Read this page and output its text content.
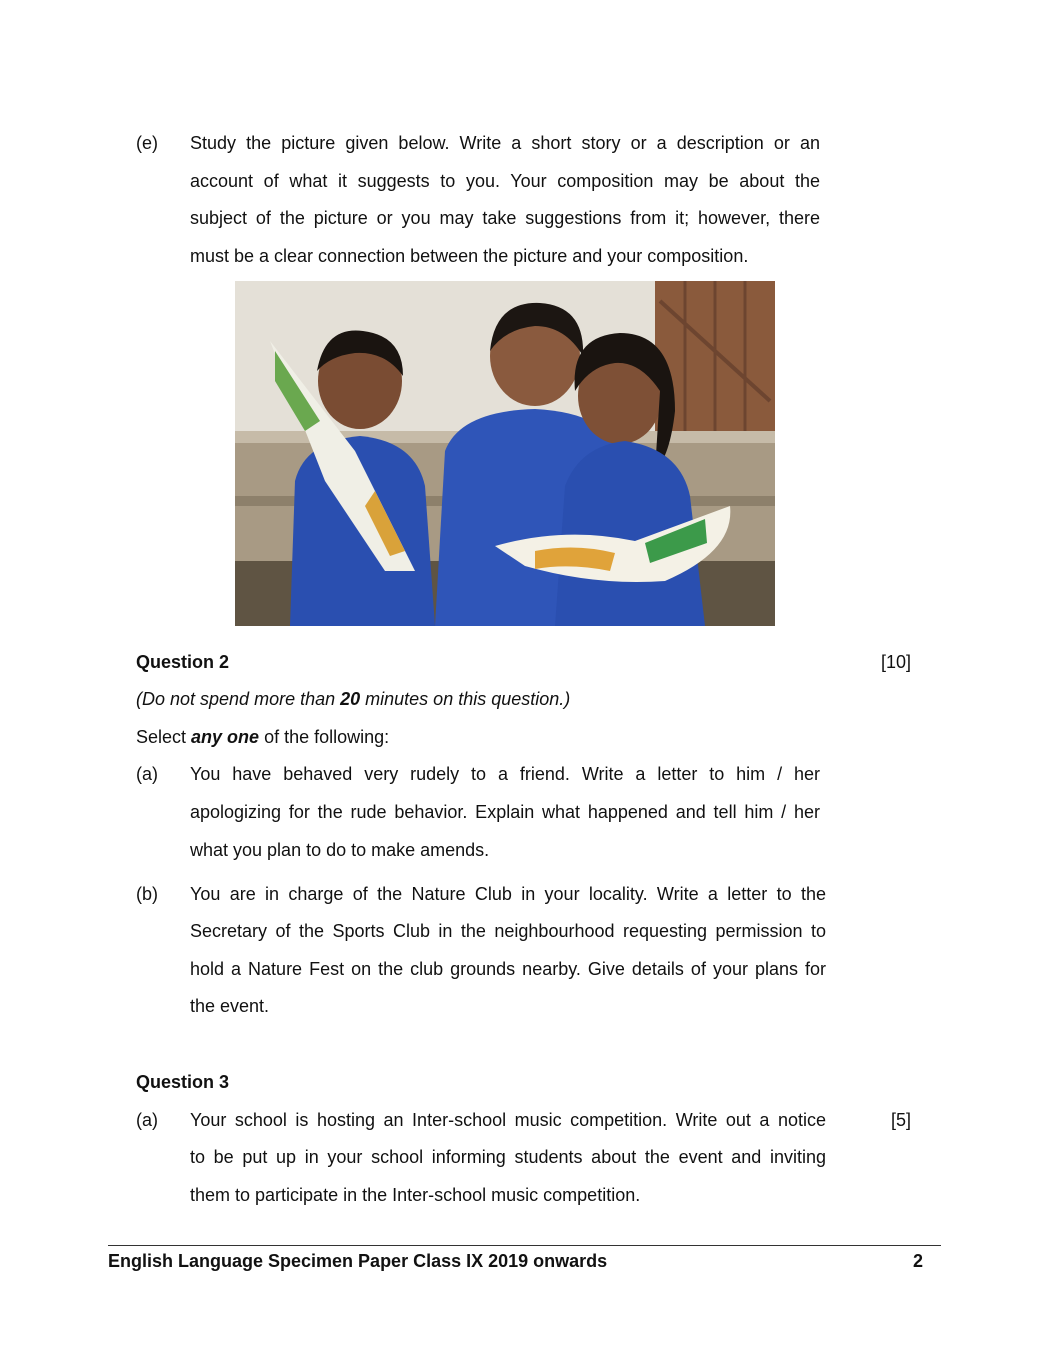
(e) Study the picture given below. Write a short story or a description or an
account of what it suggests to you. Your composition may be about the
subject of the picture or you may take suggestions from it; however, there
must be a clear connection between the picture and your composition.
Question 2	[10]
(Do not spend more than 20 minutes on this question.)
Select any one of the following:
(a) You have behaved very rudely to a friend. Write a letter to him / her
apologizing for the rude behavior. Explain what happened and tell him / her
what you plan to do to make amends.
(b) You are in charge of the Nature Club in your locality. Write a letter to the
Secretary of the Sports Club in the neighbourhood requesting permission to
hold a Nature Fest on the club grounds nearby. Give details of your plans for
the event.
Question 3
(a) Your school is hosting an Inter-school music competition. Write out a notice	[5]
to be put up in your school informing students about the event and inviting
them to participate in the Inter-school music competition.
English Language Specimen Paper Class IX 2019 onwards	2
